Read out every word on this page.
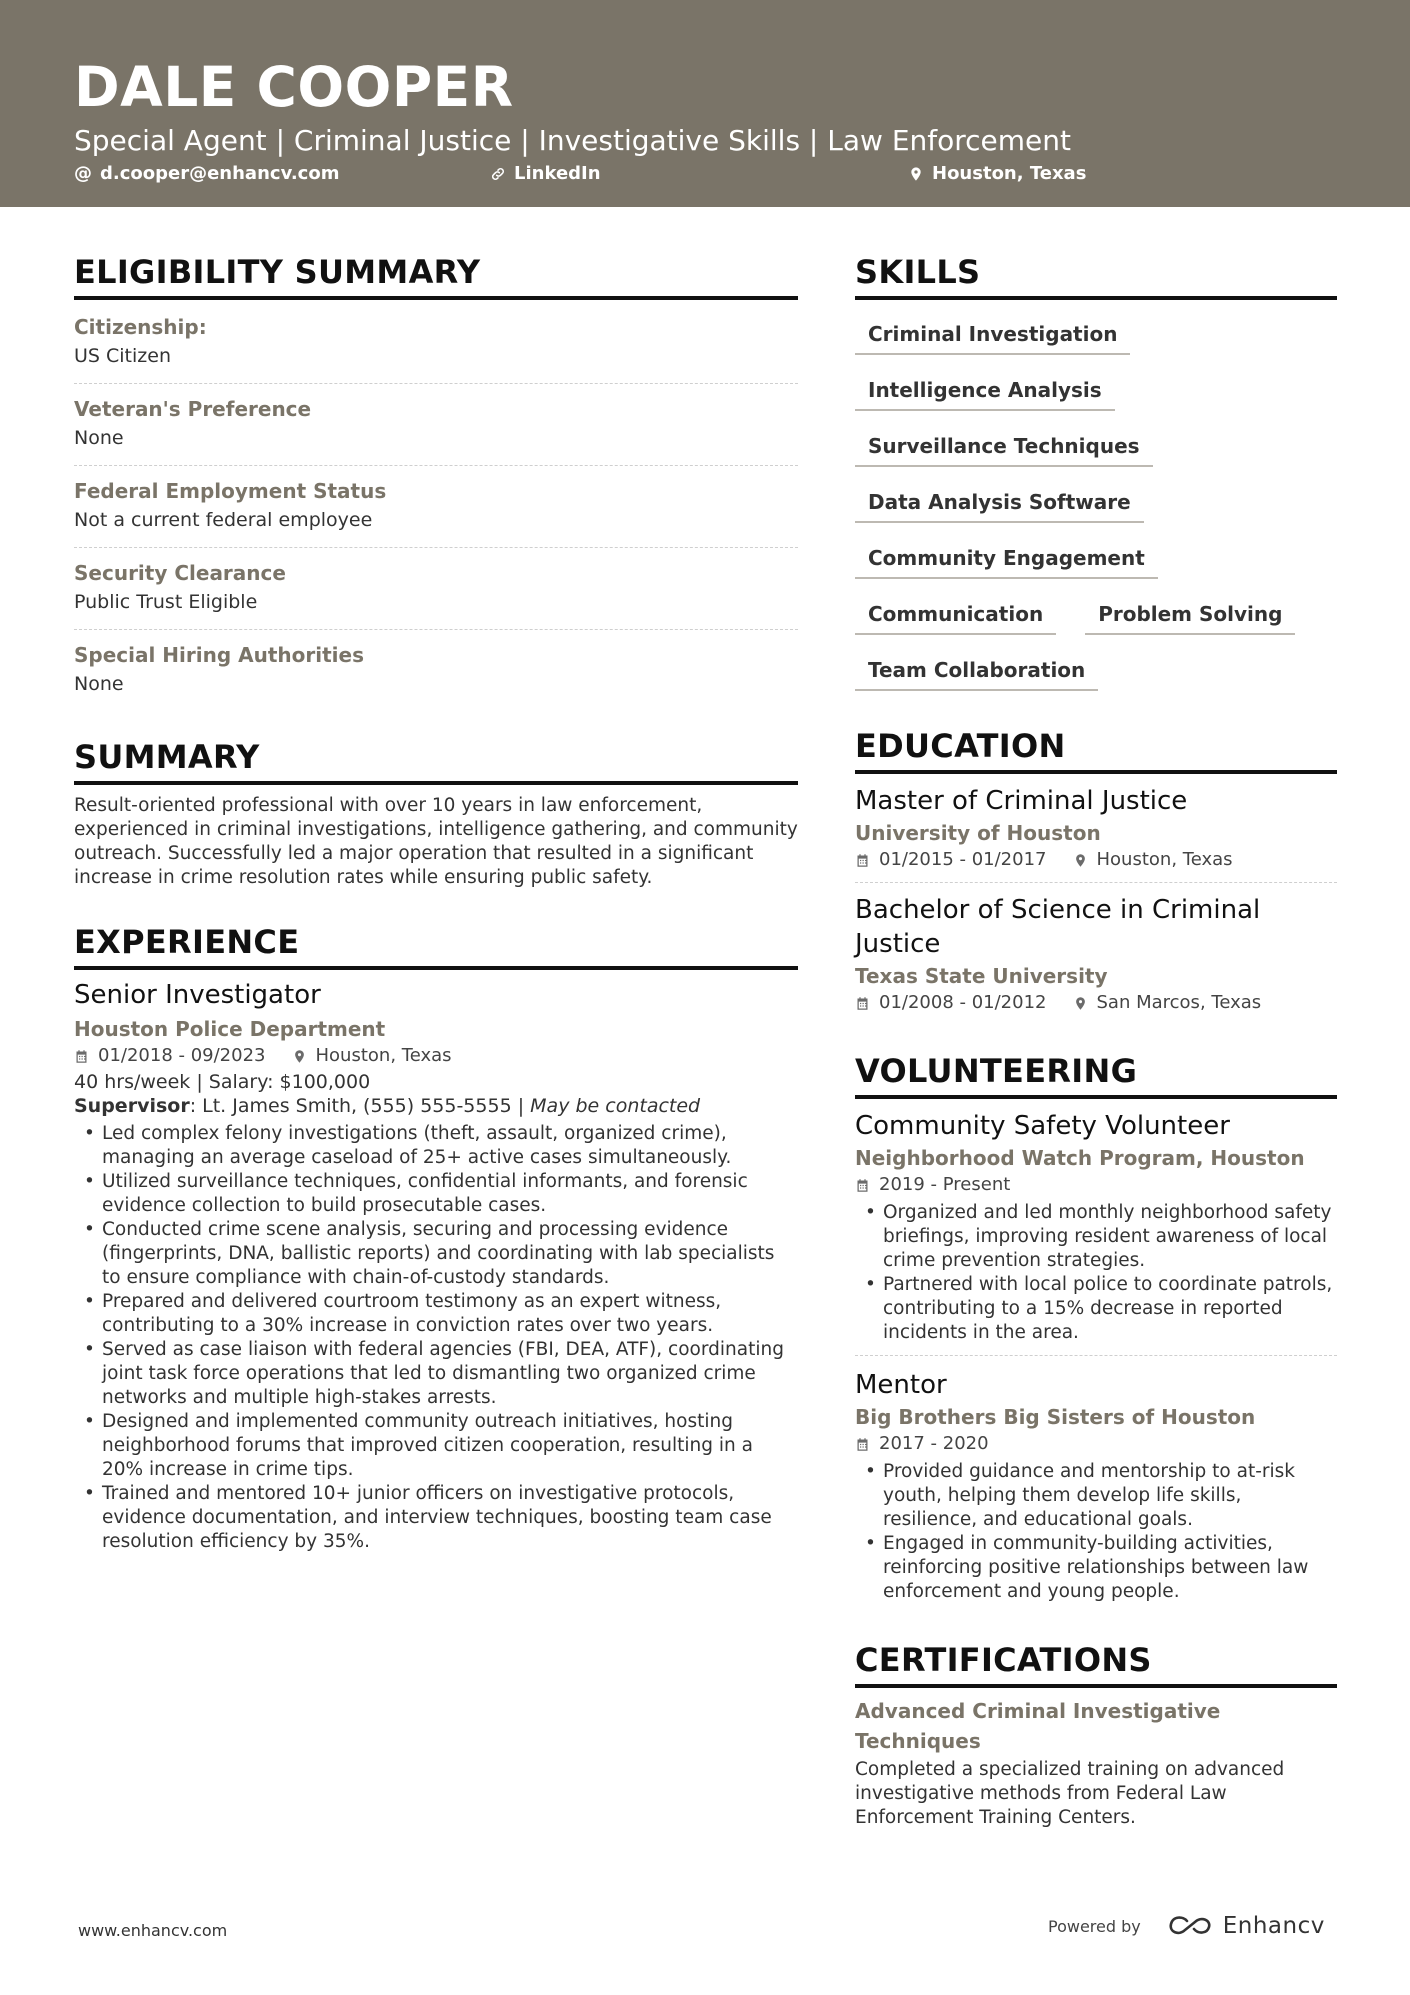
DALE COOPER
Special Agent | Criminal Justice | Investigative Skills | Law Enforcement
@ d.cooper@enhancv.com	LinkedIn	Houston, Texas
ELIGIBILITY SUMMARY
Citizenship:
US Citizen
Veteran's Preference
None
Federal Employment Status
Not a current federal employee
Security Clearance
Public Trust Eligible
Special Hiring Authorities
None
SUMMARY
Result-oriented professional with over 10 years in law enforcement, experienced in criminal investigations, intelligence gathering, and community outreach. Successfully led a major operation that resulted in a significant increase in crime resolution rates while ensuring public safety.
EXPERIENCE
Senior Investigator
Houston Police Department
01/2018 - 09/2023	Houston, Texas
40 hrs/week | Salary: $100,000
Supervisor: Lt. James Smith, (555) 555-5555 | May be contacted
• Led complex felony investigations (theft, assault, organized crime), managing an average caseload of 25+ active cases simultaneously.
• Utilized surveillance techniques, confidential informants, and forensic evidence collection to build prosecutable cases.
• Conducted crime scene analysis, securing and processing evidence (fingerprints, DNA, ballistic reports) and coordinating with lab specialists to ensure compliance with chain-of-custody standards.
• Prepared and delivered courtroom testimony as an expert witness, contributing to a 30% increase in conviction rates over two years.
• Served as case liaison with federal agencies (FBI, DEA, ATF), coordinating joint task force operations that led to dismantling two organized crime networks and multiple high-stakes arrests.
• Designed and implemented community outreach initiatives, hosting neighborhood forums that improved citizen cooperation, resulting in a 20% increase in crime tips.
• Trained and mentored 10+ junior officers on investigative protocols, evidence documentation, and interview techniques, boosting team case resolution efficiency by 35%.
SKILLS
Criminal Investigation
Intelligence Analysis
Surveillance Techniques
Data Analysis Software
Community Engagement
Communication	Problem Solving
Team Collaboration
EDUCATION
Master of Criminal Justice
University of Houston
01/2015 - 01/2017	Houston, Texas
Bachelor of Science in Criminal Justice
Texas State University
01/2008 - 01/2012	San Marcos, Texas
VOLUNTEERING
Community Safety Volunteer
Neighborhood Watch Program, Houston
2019 - Present
• Organized and led monthly neighborhood safety briefings, improving resident awareness of local crime prevention strategies.
• Partnered with local police to coordinate patrols, contributing to a 15% decrease in reported incidents in the area.
Mentor
Big Brothers Big Sisters of Houston
2017 - 2020
• Provided guidance and mentorship to at-risk youth, helping them develop life skills, resilience, and educational goals.
• Engaged in community-building activities, reinforcing positive relationships between law enforcement and young people.
CERTIFICATIONS
Advanced Criminal Investigative Techniques
Completed a specialized training on advanced investigative methods from Federal Law Enforcement Training Centers.
www.enhancv.com	Powered by	Enhancv
